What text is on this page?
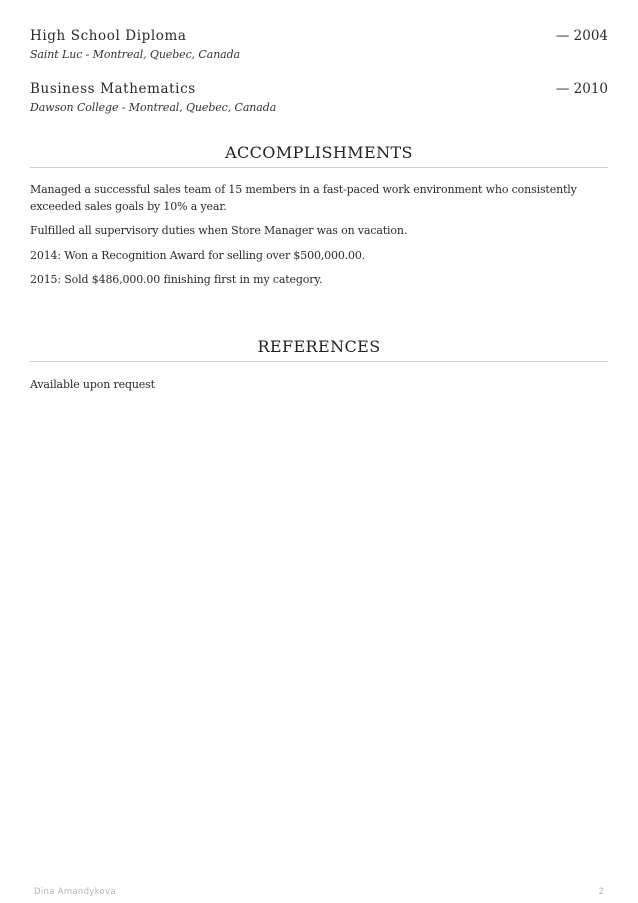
High School Diploma	— 2004
Saint Luc - Montreal, Quebec, Canada
Business Mathematics	— 2010
Dawson College - Montreal, Quebec, Canada
ACCOMPLISHMENTS
Managed a successful sales team of 15 members in a fast-paced work environment who consistently exceeded sales goals by 10% a year.
Fulfilled all supervisory duties when Store Manager was on vacation.
2014: Won a Recognition Award for selling over $500,000.00.
2015: Sold $486,000.00 finishing first in my category.
REFERENCES
Available upon request
Dina Amandykova	2
